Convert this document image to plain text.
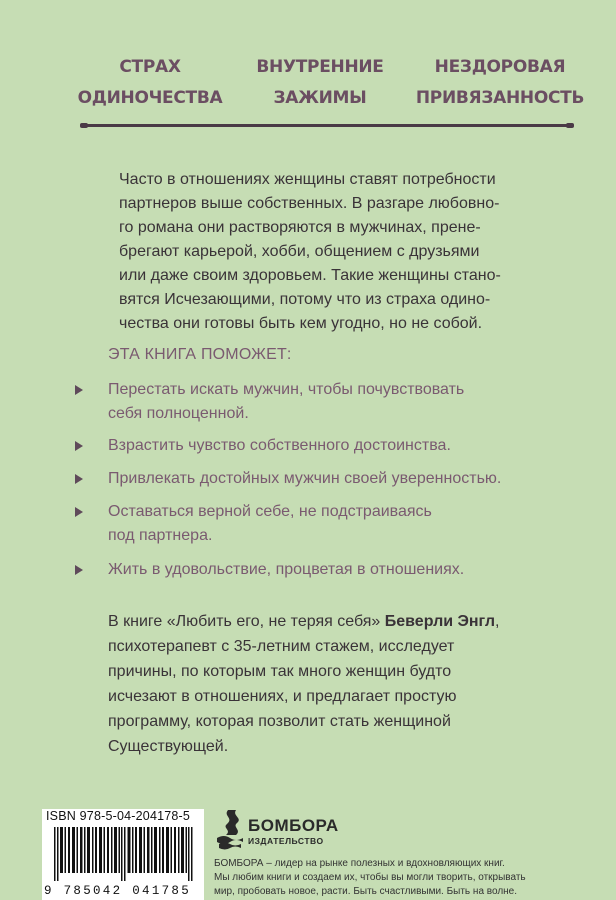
СТРАХ
ОДИНОЧЕСТВА
ВНУТРЕННИЕ
ЗАЖИМЫ
НЕЗДОРОВАЯ
ПРИВЯЗАННОСТЬ
Часто в отношениях женщины ставят потребности
партнеров выше собственных. В разгаре любовно-
го романа они растворяются в мужчинах, пренe-
брегают карьерой, хобби, общением с друзьями
или даже своим здоровьем. Такие женщины стано-
вятся Исчезающими, потому что из страха одино-
чества они готовы быть кем угодно, но не собой.
ЭТА КНИГА ПОМОЖЕТ:
Перестать искать мужчин, чтобы почувствовать
себя полноценной.
Взрастить чувство собственного достоинства.
Привлекать достойных мужчин своей уверенностью.
Оставаться верной себе, не подстраиваясь
под партнера.
Жить в удовольствие, процветая в отношениях.
В книге «Любить его, не теряя себя» Беверли Энгл,
психотерапевт с 35-летним стажем, исследует
причины, по которым так много женщин будто
исчезают в отношениях, и предлагает простую
программу, которая позволит стать женщиной
Существующей.
ISBN 978-5-04-204178-5
9 785042 041785
БОМБОРА
ИЗДАТЕЛЬСТВО
БОМБОРА – лидер на рынке полезных и вдохновляющих книг.
Мы любим книги и создаем их, чтобы вы могли творить, открывать
мир, пробовать новое, расти. Быть счастливыми. Быть на волне.
